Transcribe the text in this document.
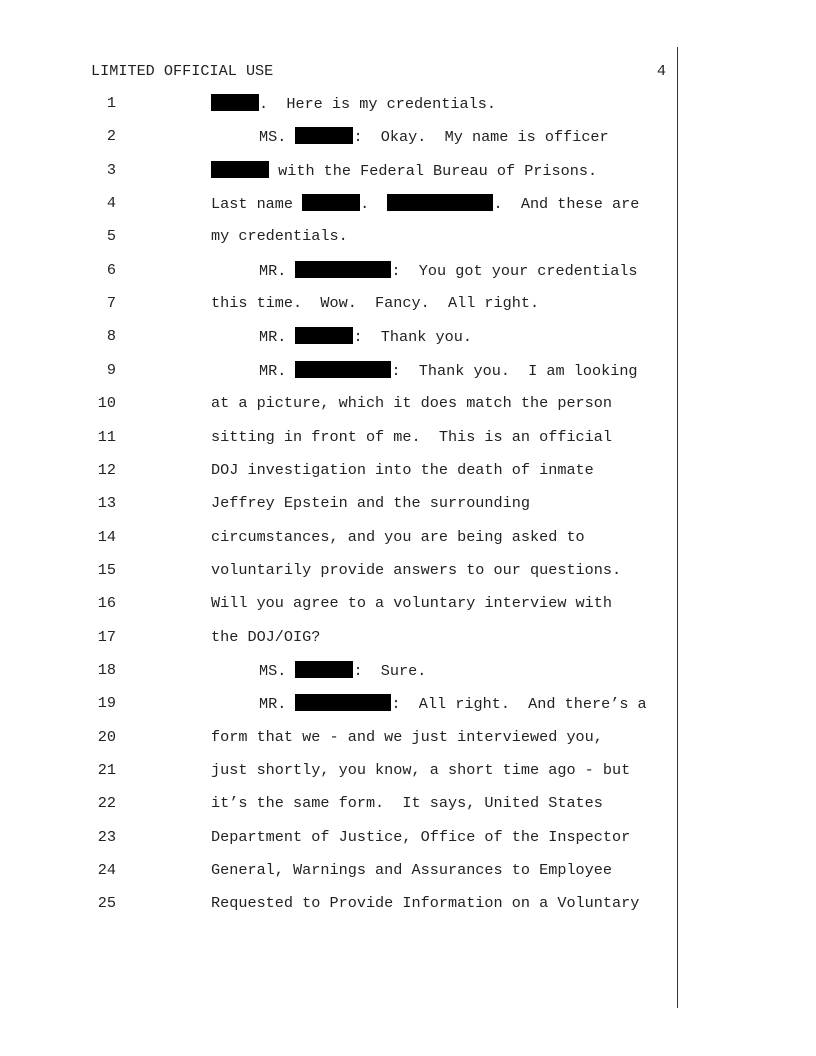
LIMITED OFFICIAL USE	4
1	.  Here is my credentials.
2	MS.	:  Okay.  My name is officer
3	with the Federal Bureau of Prisons.
4	Last name	.	.  And these are
5	my credentials.
6	MR.	:  You got your credentials
7	this time.  Wow.  Fancy.  All right.
8	MR.	:  Thank you.
9	MR.	:  Thank you.  I am looking
10	at a picture, which it does match the person
11	sitting in front of me.  This is an official
12	DOJ investigation into the death of inmate
13	Jeffrey Epstein and the surrounding
14	circumstances, and you are being asked to
15	voluntarily provide answers to our questions.
16	Will you agree to a voluntary interview with
17	the DOJ/OIG?
18	MS.	:  Sure.
19	MR.	:  All right.  And there’s a
20	form that we - and we just interviewed you,
21	just shortly, you know, a short time ago - but
22	it’s the same form.  It says, United States
23	Department of Justice, Office of the Inspector
24	General, Warnings and Assurances to Employee
25	Requested to Provide Information on a Voluntary
